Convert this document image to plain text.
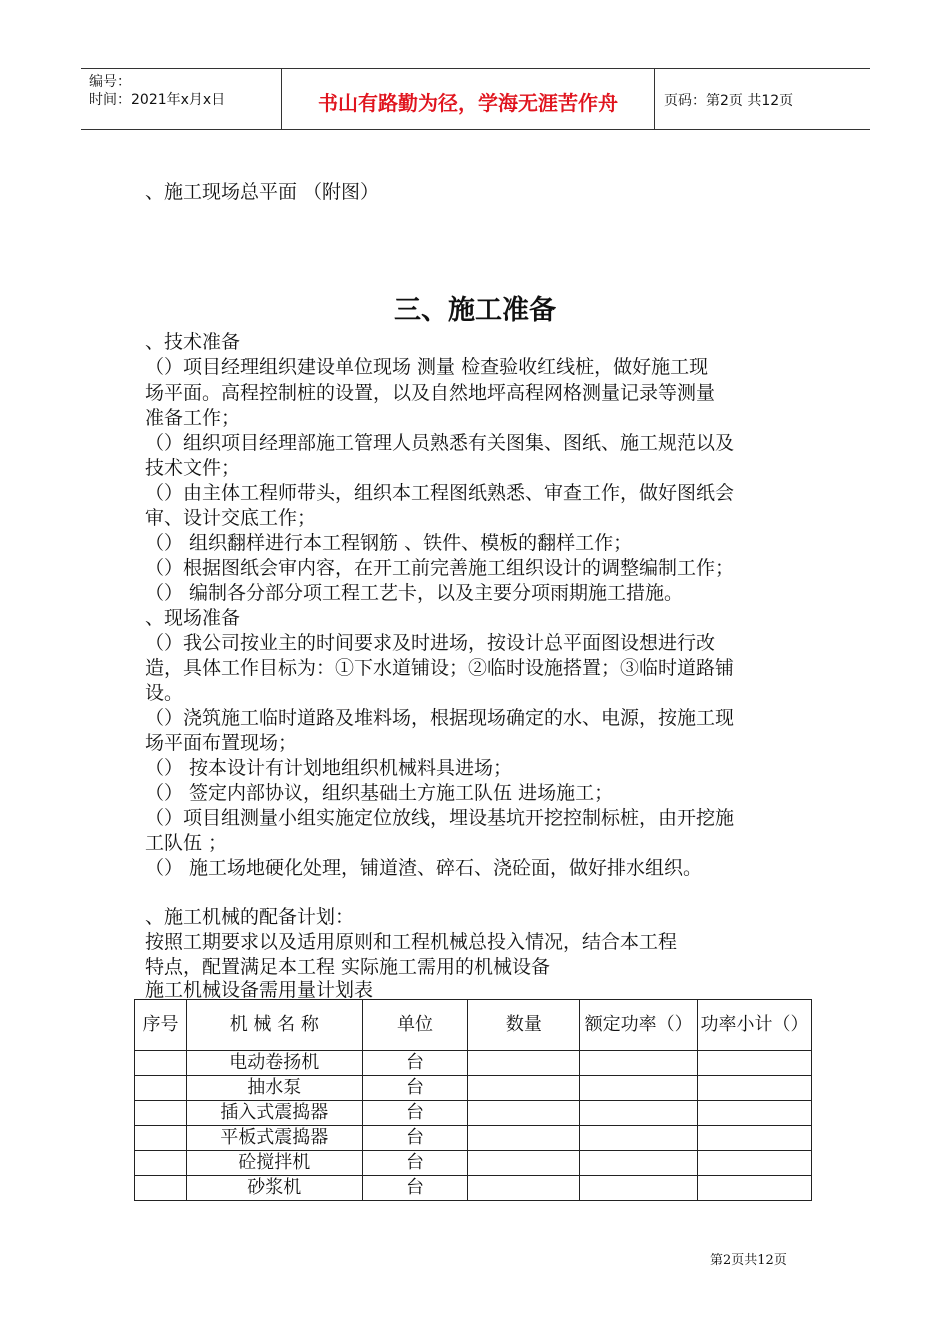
编号：
时间：2021年x月x日	书山有路勤为径，学海无涯苦作舟	页码：第2页 共12页
、施工现场总平面 （附图）
三、施工准备
、技术准备
（）项目经理组织建设单位现场 测量 检查验收红线桩，做好施工现
场平面。高程控制桩的设置，以及自然地坪高程网格测量记录等测量
准备工作；
（）组织项目经理部施工管理人员熟悉有关图集、图纸、施工规范以及
技术文件；
（）由主体工程师带头，组织本工程图纸熟悉、审查工作，做好图纸会
审、设计交底工作；
（） 组织翻样进行本工程钢筋 、铁件、模板的翻样工作；
（）根据图纸会审内容，在开工前完善施工组织设计的调整编制工作；
（） 编制各分部分项工程工艺卡，以及主要分项雨期施工措施。
、现场准备
（）我公司按业主的时间要求及时进场，按设计总平面图设想进行改
造，具体工作目标为：①下水道铺设；②临时设施搭置；③临时道路铺
设。
（）浇筑施工临时道路及堆料场，根据现场确定的水、电源，按施工现
场平面布置现场；
（） 按本设计有计划地组织机械料具进场；
（） 签定内部协议，组织基础土方施工队伍 进场施工；
（）项目组测量小组实施定位放线，埋设基坑开挖控制标桩，由开挖施
工队伍 ；
（） 施工场地硬化处理，铺道渣、碎石、浇砼面，做好排水组织。
、施工机械的配备计划：
按照工期要求以及适用原则和工程机械总投入情况，结合本工程
特点，配置满足本工程 实际施工需用的机械设备
施工机械设备需用量计划表
序号	机 械 名 称	单位	数量	额定功率（）	功率小计（）
	电动卷扬机	台			
	抽水泵	台			
	插入式震捣器	台			
	平板式震捣器	台			
	砼搅拌机	台			
	砂浆机	台			
第2页共12页
